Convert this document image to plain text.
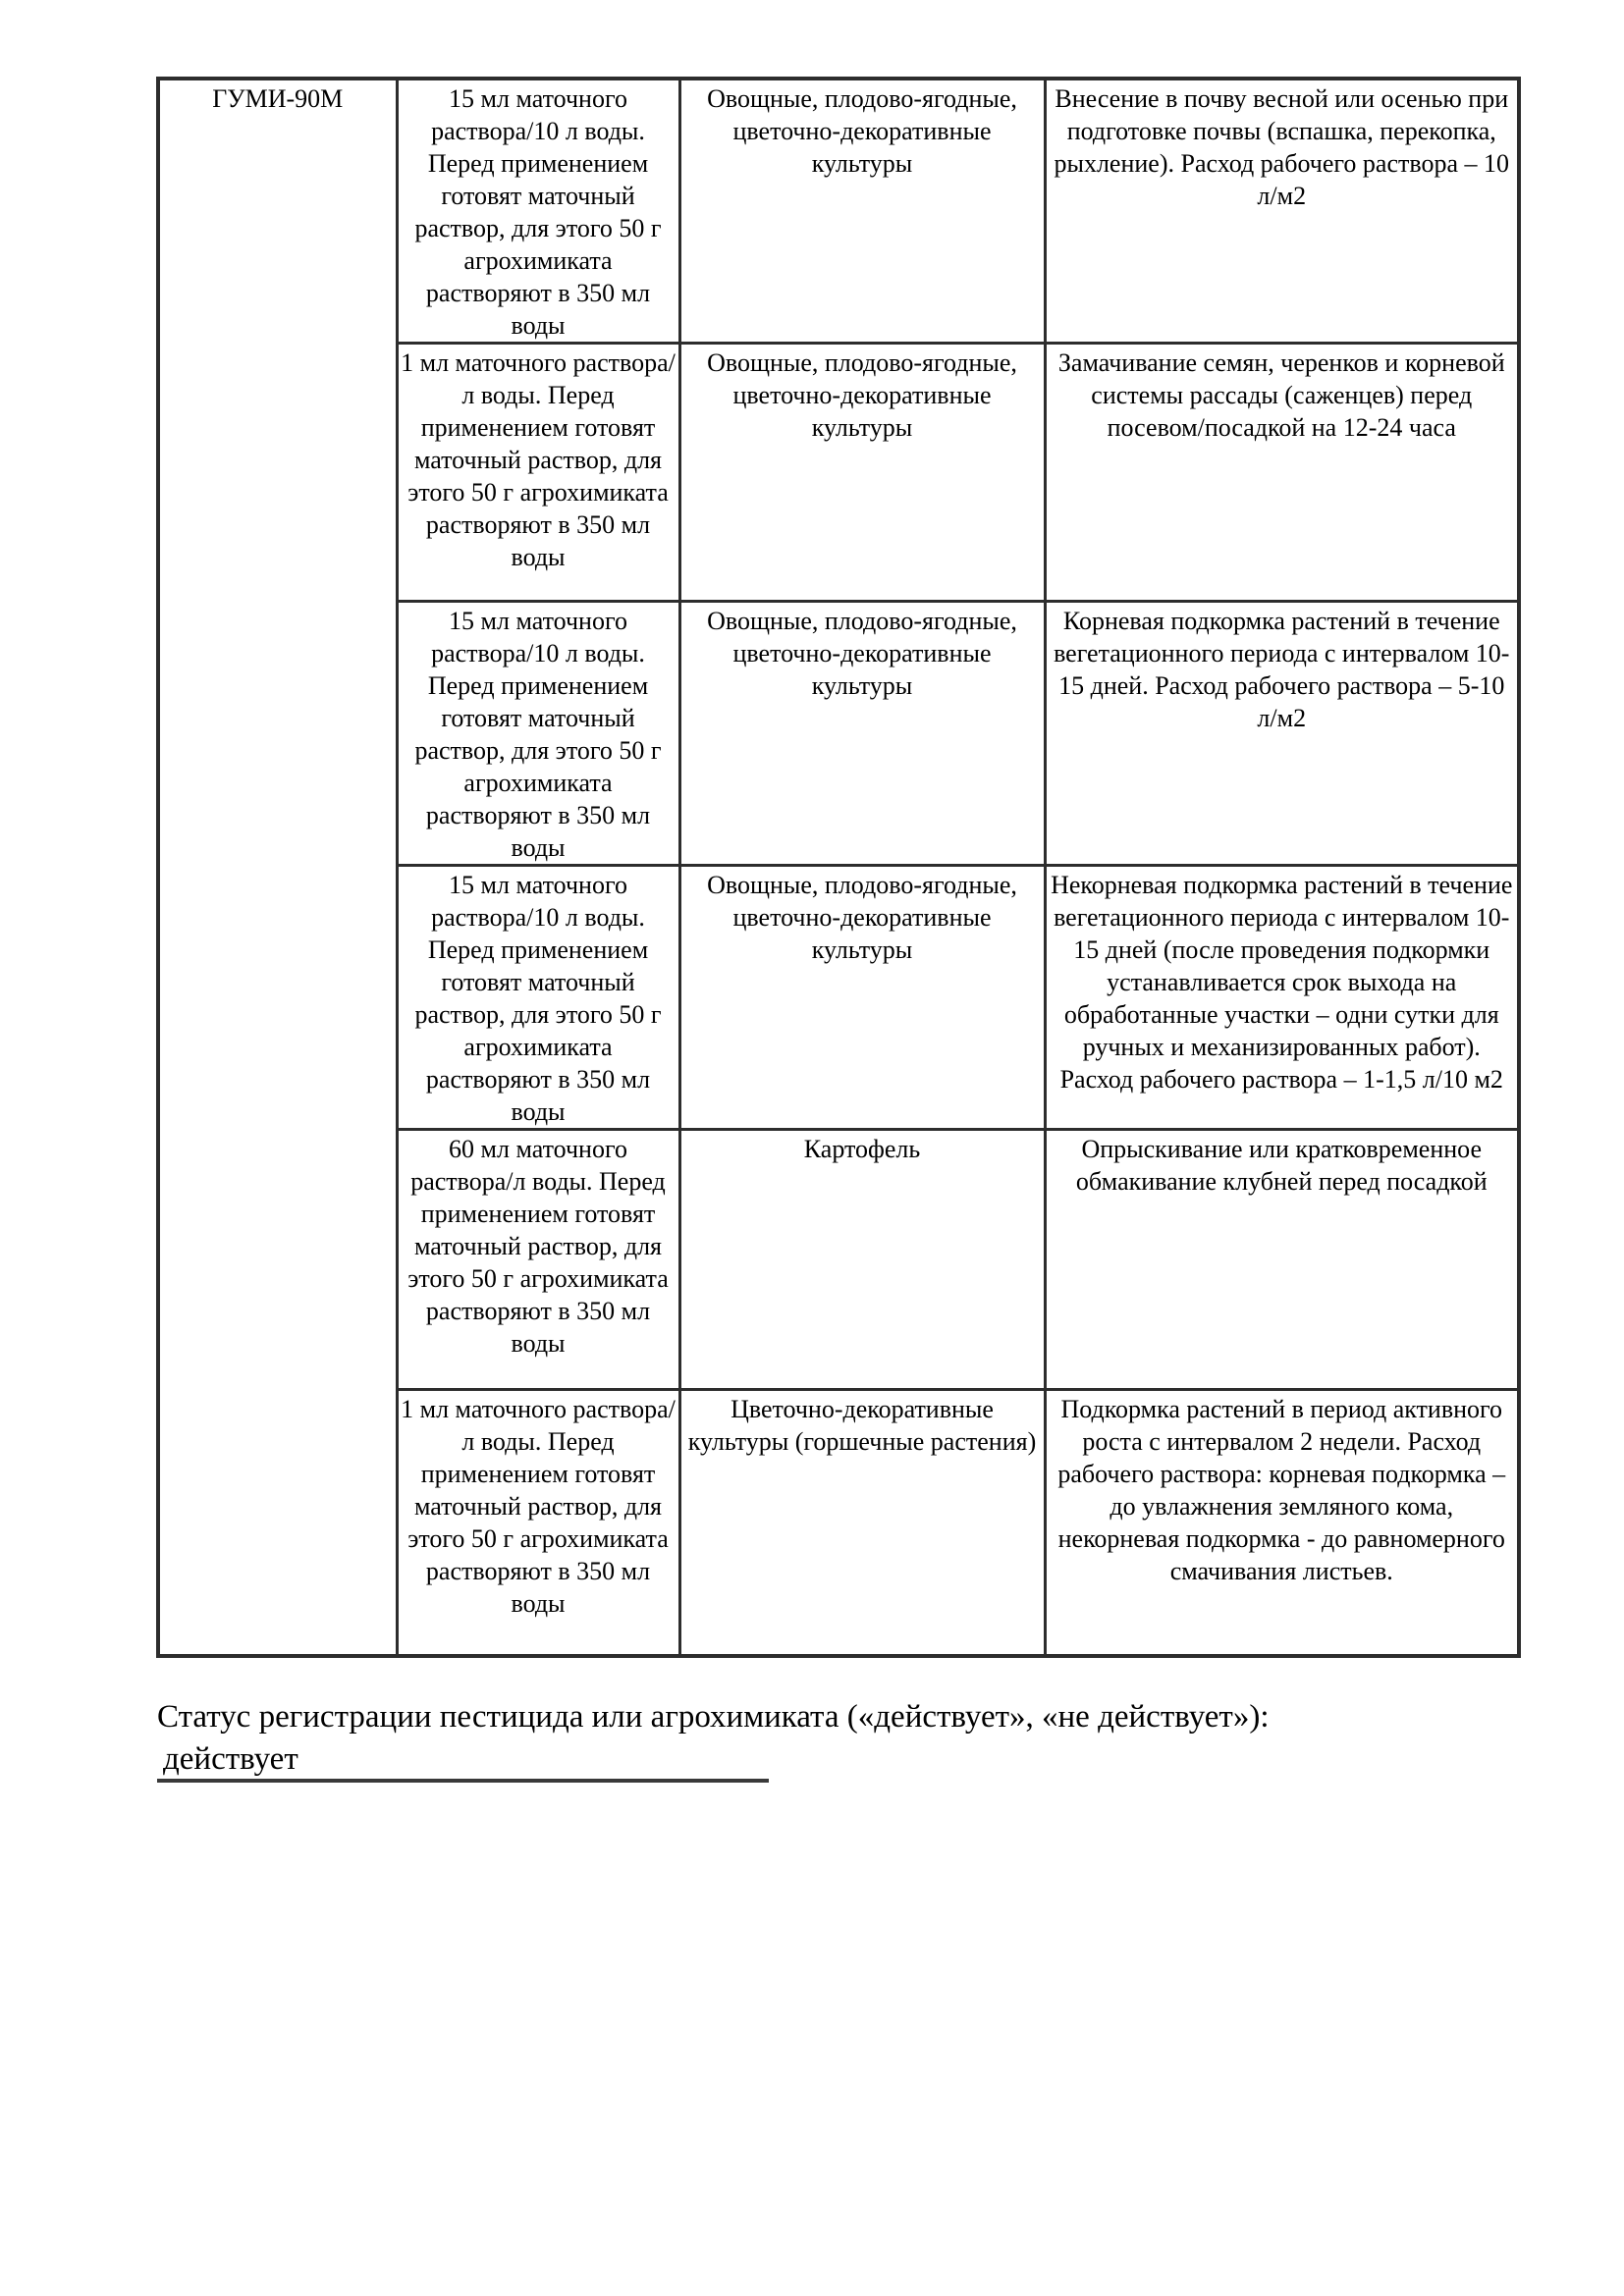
ГУМИ-90М	15 мл маточного раствора/10 л воды. Перед применением готовят маточный раствор, для этого 50 г агрохимиката растворяют в 350 мл воды	Овощные, плодово-ягодные, цветочно-декоративные культуры	Внесение в почву весной или осенью при подготовке почвы (вспашка, перекопка, рыхление). Расход рабочего раствора – 10 л/м2
	1 мл маточного раствора/л воды. Перед применением готовят маточный раствор, для этого 50 г агрохимиката растворяют в 350 мл воды	Овощные, плодово-ягодные, цветочно-декоративные культуры	Замачивание семян, черенков и корневой системы рассады (саженцев) перед посевом/посадкой на 12-24 часа
	15 мл маточного раствора/10 л воды. Перед применением готовят маточный раствор, для этого 50 г агрохимиката растворяют в 350 мл воды	Овощные, плодово-ягодные, цветочно-декоративные культуры	Корневая подкормка растений в течение вегетационного периода с интервалом 10-15 дней. Расход рабочего раствора – 5-10 л/м2
	15 мл маточного раствора/10 л воды. Перед применением готовят маточный раствор, для этого 50 г агрохимиката растворяют в 350 мл воды	Овощные, плодово-ягодные, цветочно-декоративные культуры	Некорневая подкормка растений в течение вегетационного периода с интервалом 10-15 дней (после проведения подкормки устанавливается срок выхода на обработанные участки – одни сутки для ручных и механизированных работ). Расход рабочего раствора – 1-1,5 л/10 м2
	60 мл маточного раствора/л воды. Перед применением готовят маточный раствор, для этого 50 г агрохимиката растворяют в 350 мл воды	Картофель	Опрыскивание или кратковременное обмакивание клубней перед посадкой
	1 мл маточного раствора/л воды. Перед применением готовят маточный раствор, для этого 50 г агрохимиката растворяют в 350 мл воды	Цветочно-декоративные культуры (горшечные растения)	Подкормка растений в период активного роста с интервалом 2 недели. Расход рабочего раствора: корневая подкормка – до увлажнения земляного кома, некорневая подкормка - до равномерного смачивания листьев.
Статус регистрации пестицида или агрохимиката («действует», «не действует»):
действует
